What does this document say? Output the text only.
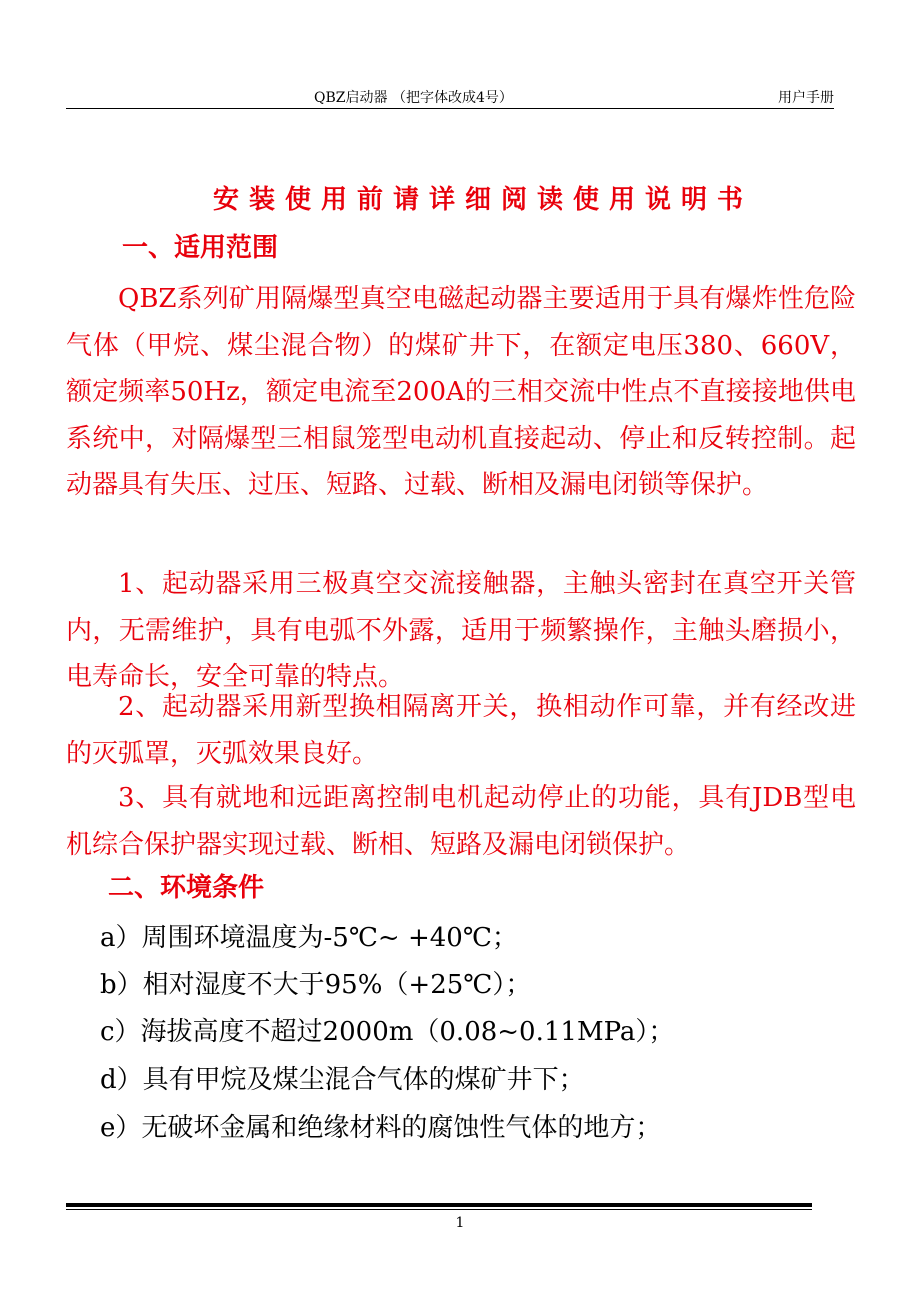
QBZ启动器 （把字体改成4号）	用户手册
安装使用前请详细阅读使用说明书
一、适用范围
QBZ系列矿用隔爆型真空电磁起动器主要适用于具有爆炸性危险气体（甲烷、煤尘混合物）的煤矿井下，在额定电压380、660V，额定频率50Hz，额定电流至200A的三相交流中性点不直接接地供电系统中，对隔爆型三相鼠笼型电动机直接起动、停止和反转控制。起动器具有失压、过压、短路、过载、断相及漏电闭锁等保护。
1、起动器采用三极真空交流接触器，主触头密封在真空开关管内，无需维护，具有电弧不外露，适用于频繁操作，主触头磨损小，电寿命长，安全可靠的特点。
2、起动器采用新型换相隔离开关，换相动作可靠，并有经改进的灭弧罩，灭弧效果良好。
3、具有就地和远距离控制电机起动停止的功能，具有JDB型电机综合保护器实现过载、断相、短路及漏电闭锁保护。
二、环境条件
a）周围环境温度为-5℃~ +40℃；
b）相对湿度不大于95%（+25℃）；
c）海拔高度不超过2000m（0.08~0.11MPa）；
d）具有甲烷及煤尘混合气体的煤矿井下；
e）无破坏金属和绝缘材料的腐蚀性气体的地方；
1
